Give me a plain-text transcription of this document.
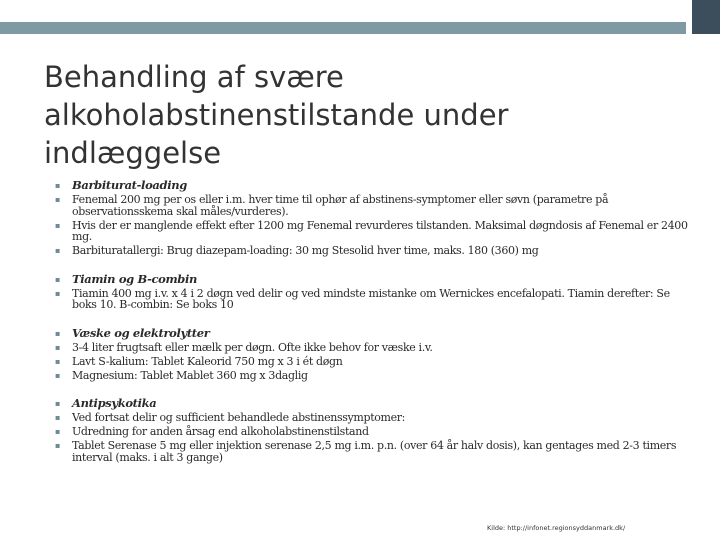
Behandling af svære alkoholabstinenstilstande under indlæggelse
▪	Barbiturat-loading
▪	Fenemal 200 mg per os eller i.m. hver time til ophør af abstinens-symptomer eller søvn (parametre på observationsskema skal måles/vurderes).
▪	Hvis der er manglende effekt efter 1200 mg Fenemal revurderes tilstanden. Maksimal døgndosis af Fenemal er 2400 mg.
▪	Barbituratallergi: Brug diazepam-loading: 30 mg Stesolid hver time, maks. 180 (360) mg
▪	Tiamin og B-combin
▪	Tiamin 400 mg i.v. x 4 i 2 døgn ved delir og ved mindste mistanke om Wernickes encefalopati. Tiamin derefter: Se boks 10. B-combin: Se boks 10
▪	Væske og elektrolytter
▪	3-4 liter frugtsaft eller mælk per døgn. Ofte ikke behov for væske i.v.
▪	Lavt S-kalium: Tablet Kaleorid 750 mg x 3 i ét døgn
▪	Magnesium: Tablet Mablet 360 mg x 3daglig
▪	Antipsykotika
▪	Ved fortsat delir og sufficient behandlede abstinenssymptomer:
▪	Udredning for anden årsag end alkoholabstinenstilstand
▪	Tablet Serenase 5 mg eller injektion serenase 2,5 mg i.m. p.n. (over 64 år halv dosis), kan gentages med 2-3 timers interval (maks. i alt 3 gange)
Kilde: http://infonet.regionsyddanmark.dk/
